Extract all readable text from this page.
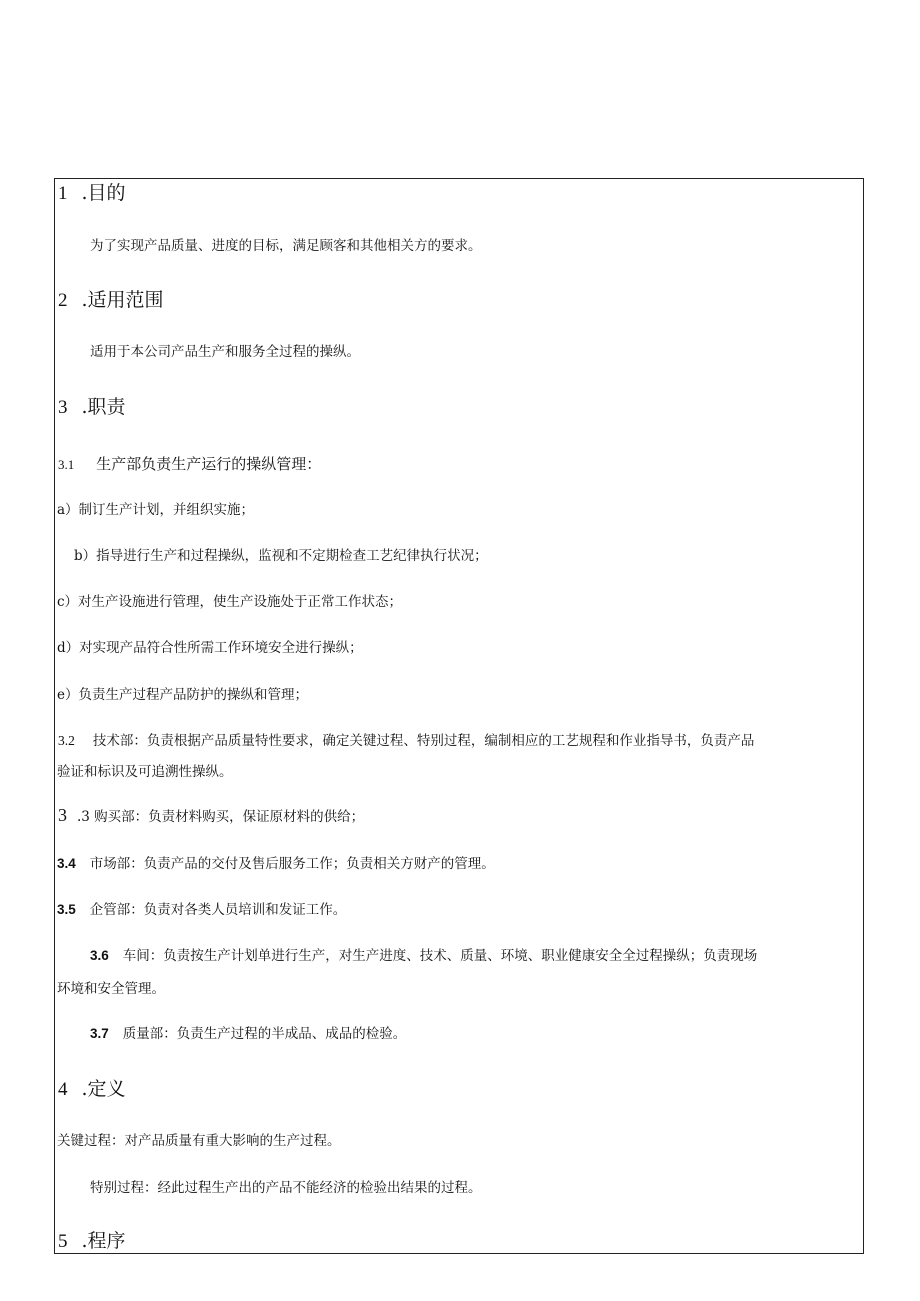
1 .目的
为了实现产品质量、进度的目标，满足顾客和其他相关方的要求。
2 .适用范围
适用于本公司产品生产和服务全过程的操纵。
3 .职责
3.1 生产部负责生产运行的操纵管理：
a）制订生产计划，并组织实施；
b）指导进行生产和过程操纵，监视和不定期检查工艺纪律执行状况；
c）对生产设施进行管理，使生产设施处于正常工作状态；
d）对实现产品符合性所需工作环境安全进行操纵；
e）负责生产过程产品防护的操纵和管理；
3.2 技术部：负责根据产品质量特性要求，确定关键过程、特别过程，编制相应的工艺规程和作业指导书，负责产品
验证和标识及可追溯性操纵。
3 .3 购买部：负责材料购买，保证原材料的供给；
3.4 市场部：负责产品的交付及售后服务工作；负责相关方财产的管理。
3.5 企管部：负责对各类人员培训和发证工作。
3.6 车间：负责按生产计划单进行生产，对生产进度、技术、质量、环境、职业健康安全全过程操纵；负责现场
环境和安全管理。
3.7 质量部：负责生产过程的半成品、成品的检验。
4 .定义
关键过程：对产品质量有重大影响的生产过程。
特别过程：经此过程生产出的产品不能经济的检验出结果的过程。
5 .程序
